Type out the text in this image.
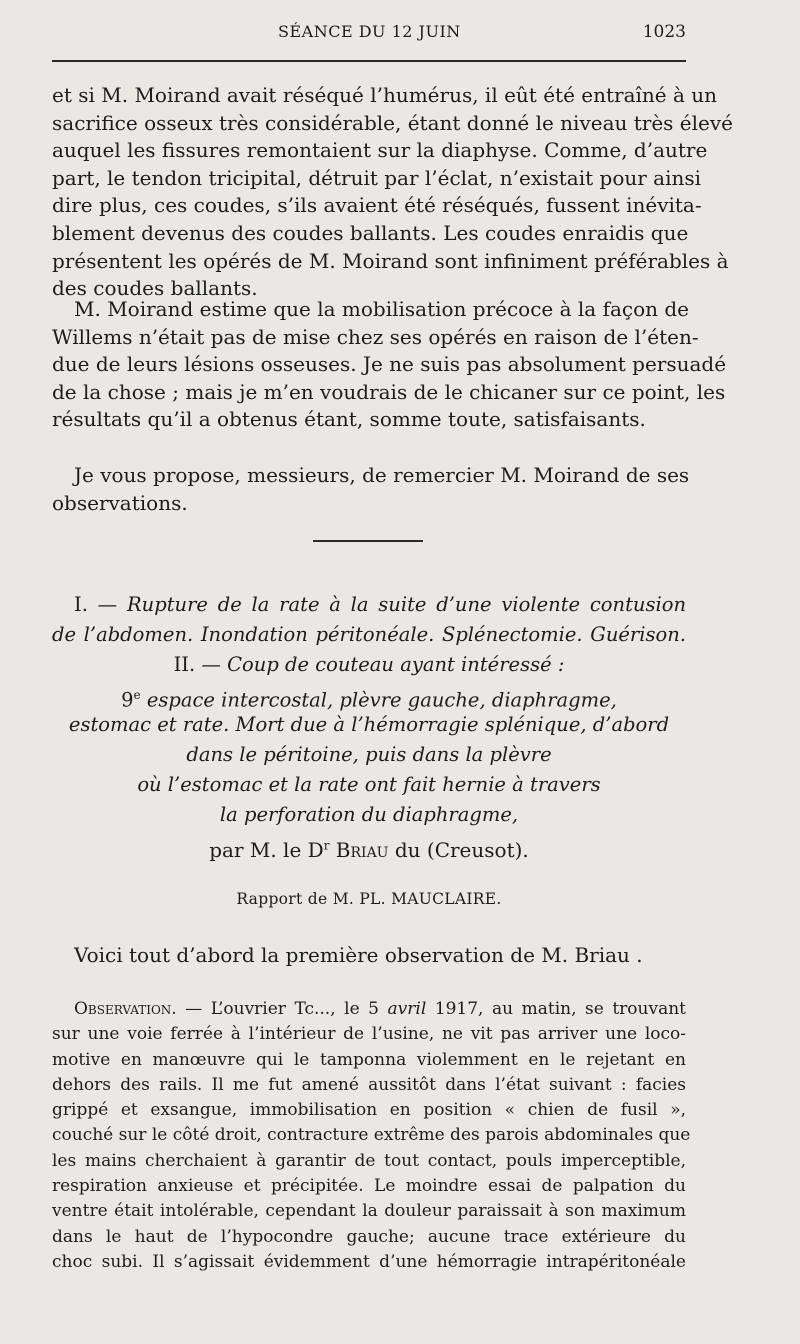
SÉANCE DU 12 JUIN	1023
et si M. Moirand avait réséqué l’humérus, il eût été entraîné à un
sacrifice osseux très considérable, étant donné le niveau très élevé
auquel les fissures remontaient sur la diaphyse. Comme, d’autre
part, le tendon tricipital, détruit par l’éclat, n’existait pour ainsi
dire plus, ces coudes, s’ils avaient été réséqués, fussent inévita-
blement devenus des coudes ballants. Les coudes enraidis que
présentent les opérés de M. Moirand sont infiniment préférables à
des coudes ballants.
M. Moirand estime que la mobilisation précoce à la façon de
Willems n’était pas de mise chez ses opérés en raison de l’éten-
due de leurs lésions osseuses. Je ne suis pas absolument persuadé
de la chose ; mais je m’en voudrais de le chicaner sur ce point, les
résultats qu’il a obtenus étant, somme toute, satisfaisants.
Je vous propose, messieurs, de remercier M. Moirand de ses
observations.
I. — Rupture de la rate à la suite d’une violente contusion
de l’abdomen. Inondation péritonéale. Splénectomie. Guérison.
II. — Coup de couteau ayant intéressé :
9e espace intercostal, plèvre gauche, diaphragme,
estomac et rate. Mort due à l’hémorragie splénique, d’abord
dans le péritoine, puis dans la plèvre
où l’estomac et la rate ont fait hernie à travers
la perforation du diaphragme,
par M. le $D^r$ Briau du (Creusot).
Rapport de M. PL. MAUCLAIRE.
Voici tout d’abord la première observation de M. Briau .
Observation. — L’ouvrier Tc..., le 5 avril 1917, au matin, se trouvant
sur une voie ferrée à l’intérieur de l’usine, ne vit pas arriver une loco-
motive en manœuvre qui le tamponna violemment en le rejetant en
dehors des rails. Il me fut amené aussitôt dans l’état suivant : facies
grippé et exsangue, immobilisation en position « chien de fusil »,
couché sur le côté droit, contracture extrême des parois abdominales que
les mains cherchaient à garantir de tout contact, pouls imperceptible,
respiration anxieuse et précipitée. Le moindre essai de palpation du
ventre était intolérable, cependant la douleur paraissait à son maximum
dans le haut de l’hypocondre gauche; aucune trace extérieure du
choc subi. Il s’agissait évidemment d’une hémorragie intrapéritonéale
